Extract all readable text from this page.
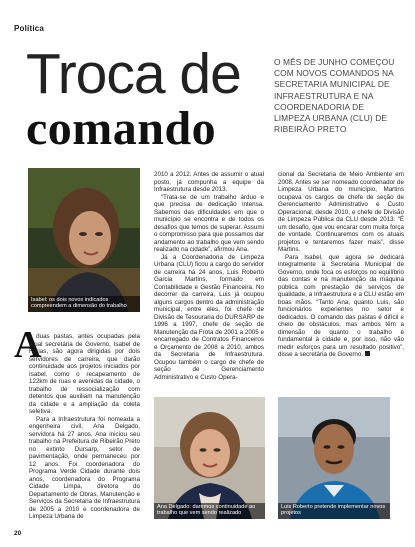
Política
Troca de
comando
O MÊS DE JUNHO COMEÇOU COM NOVOS COMANDOS NA SECRETARIA MUNICIPAL DE INFRAESTRUTURA E NA COORDENADORIA DE LIMPEZA URBANA (CLU) DE RIBEIRÃO PRETO
Isabel: os dois novos indicados compreendem a dimensão do trabalho
Ana Delgado: daremos continuidade ao trabalho que vem sendo realizado
Luis Roberto pretende implementar novos projetos
A

s duas pastas, antes ocupadas pela atual secretária de Governo, Isabel de Farias, são agora dirigidas por dois servidores de carreira, que darão continuidade aos projetos iniciados por Isabel, como o recapeamento de 122km de ruas e avenidas da cidade, o trabalho de ressocialização com detentos que auxiliam na manutenção da cidade e a ampliação da coleta seletiva.

Para a Infraestrutura foi nomeada a engenheira civil, Ana Delgado, servidora há 27 anos. Ana iniciou seu trabalho na Prefeitura de Ribeirão Preto no extinto Dursarp, setor de pavimentação, onde permaneceu por 12 anos. Foi coordenadora do Programa Verde Cidade durante dois anos, coordenadora do Programa Cidade Limpa, diretora do Departamento de Obras, Manutenção e Serviços da Secretaria de Infraestrutura de 2005 a 2010 e coordenadora de Limpeza Urbana de

2010 a 2012. Antes de assumir o atual posto, já compunha a equipe da Infraestrutura desde 2013.

“Trata-se de um trabalho árduo e que precisa de dedicação intensa. Sabemos das dificuldades em que o município se encontra e de todos os desafios que temos de superar. Assumi o compromisso para que possamos dar andamento ao trabalho que vem sendo realizado na cidade”, afirmou Ana.

Já a Coordenadoria de Limpeza Urbana (CLU) ficou a cargo do servidor de carreira há 24 anos, Luis Roberto Garcia Martins, formado em Contabilidade e Gestão Financeira. No decorrer da carreira, Luis já ocupou alguns cargos dentro da administração municipal, entre eles, foi chefe de Divisão de Tesouraria do DURSARP de 1996 a 1997, chefe de seção de Manutenção da Frota de 2001 a 2005 e encarregado de Contratos Financeiros e Orçamento de 2008 a 2010, ambos da Secretaria de Infraestrutura. Ocupou também o cargo de chefe de seção de Gerenciamento Administrativo e Custo Opera-

cional da Secretaria de Meio Ambiente em 2008. Antes se ser nomeado coordenador de Limpeza Urbana do município, Martins ocupava os cargos de chefe de seção de Gerenciamento Administrativo e Custo Operacional, desde 2010, e chefe de Divisão de Limpeza Pública da CLU desde 2013. “É um desafio, que vou encarar com muita força de vontade. Continuaremos com os atuais projetos e tentaremos fazer mais”, disse Martins.

Para Isabel, que agora se dedicará integralmente à Secretaria Municipal de Governo, onde foca os esforços no equilíbrio das contas e na manutenção da máquina pública com prestação de serviços de qualidade, a Infraestrutura e a CLU estão em boas mãos. “Tanto Ana, quanto Luis, são funcionários experientes no setor e dedicados. O comando das pastas é difícil e cheio de obstáculos, mas ambos têm a dimensão de quanto o trabalho é fundamental à cidade e, por isso, não vão medir esforços para um resultado positivo”, disse a secretária de Governo.

20
